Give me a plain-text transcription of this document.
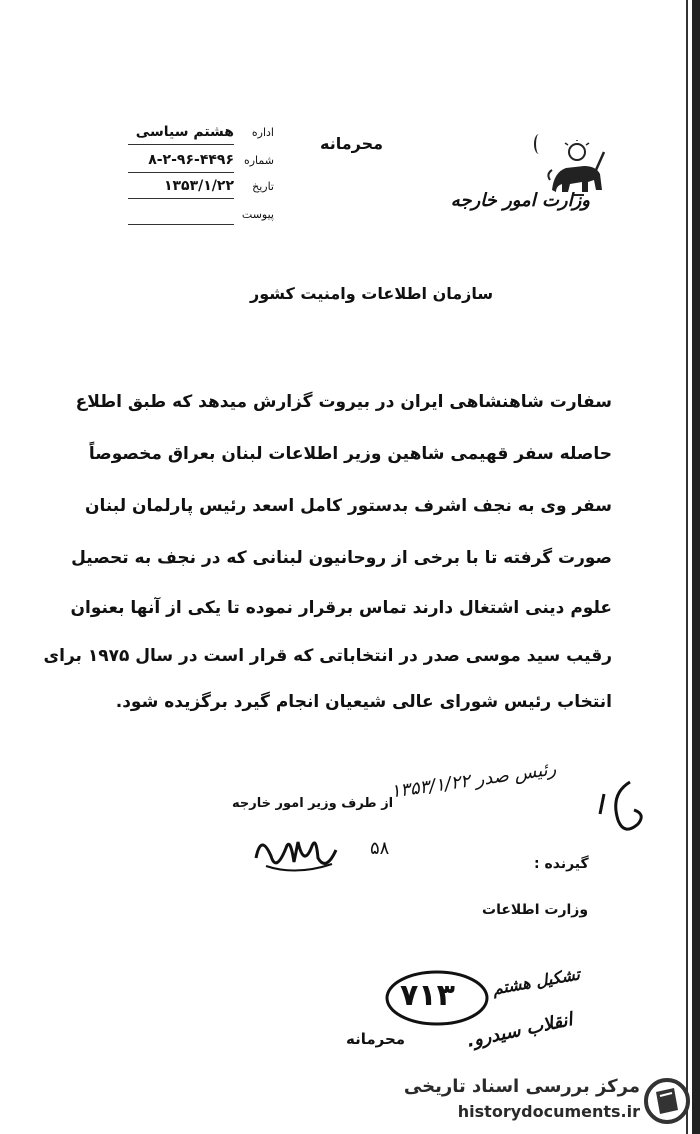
وزارت امور خارجه
محرمانه
اداره
هشتم سیاسی
شماره
۸-۲-۹۶-۴۴۹۶
تاریخ
۱۳۵۳/۱/۲۲
پیوست
سازمان اطلاعات وامنیت کشور
سفارت شاهنشاهی ایران در بیروت گزارش میدهد که طبق اطلاع
حاصله سفر قهیمی شاهین وزیر اطلاعات لبنان بعراق مخصوصاً
سفر وی به نجف اشرف بدستور کامل اسعد رئیس پارلمان لبنان
صورت گرفته تا با برخی از روحانیون لبنانی که در نجف به تحصیل
علوم دینی اشتغال دارند تماس برقرار نموده تا یکی از آنها بعنوان
رقیب سید موسی صدر در انتخاباتی که قرار است در سال ۱۹۷۵ برای
انتخاب رئیس شورای عالی شیعیان انجام گیرد برگزیده شود.
از طرف وزیر امور خارجه
رئیس صدر ۱۳۵۳/۱/۲۲
۵۸
گیرنده :
وزارت اطلاعات
۷۱۳ تشکیل هشتم
انقلاب سیدرو.
محرمانه
مرکز بررسی اسناد تاریخی
historydocuments.ir
